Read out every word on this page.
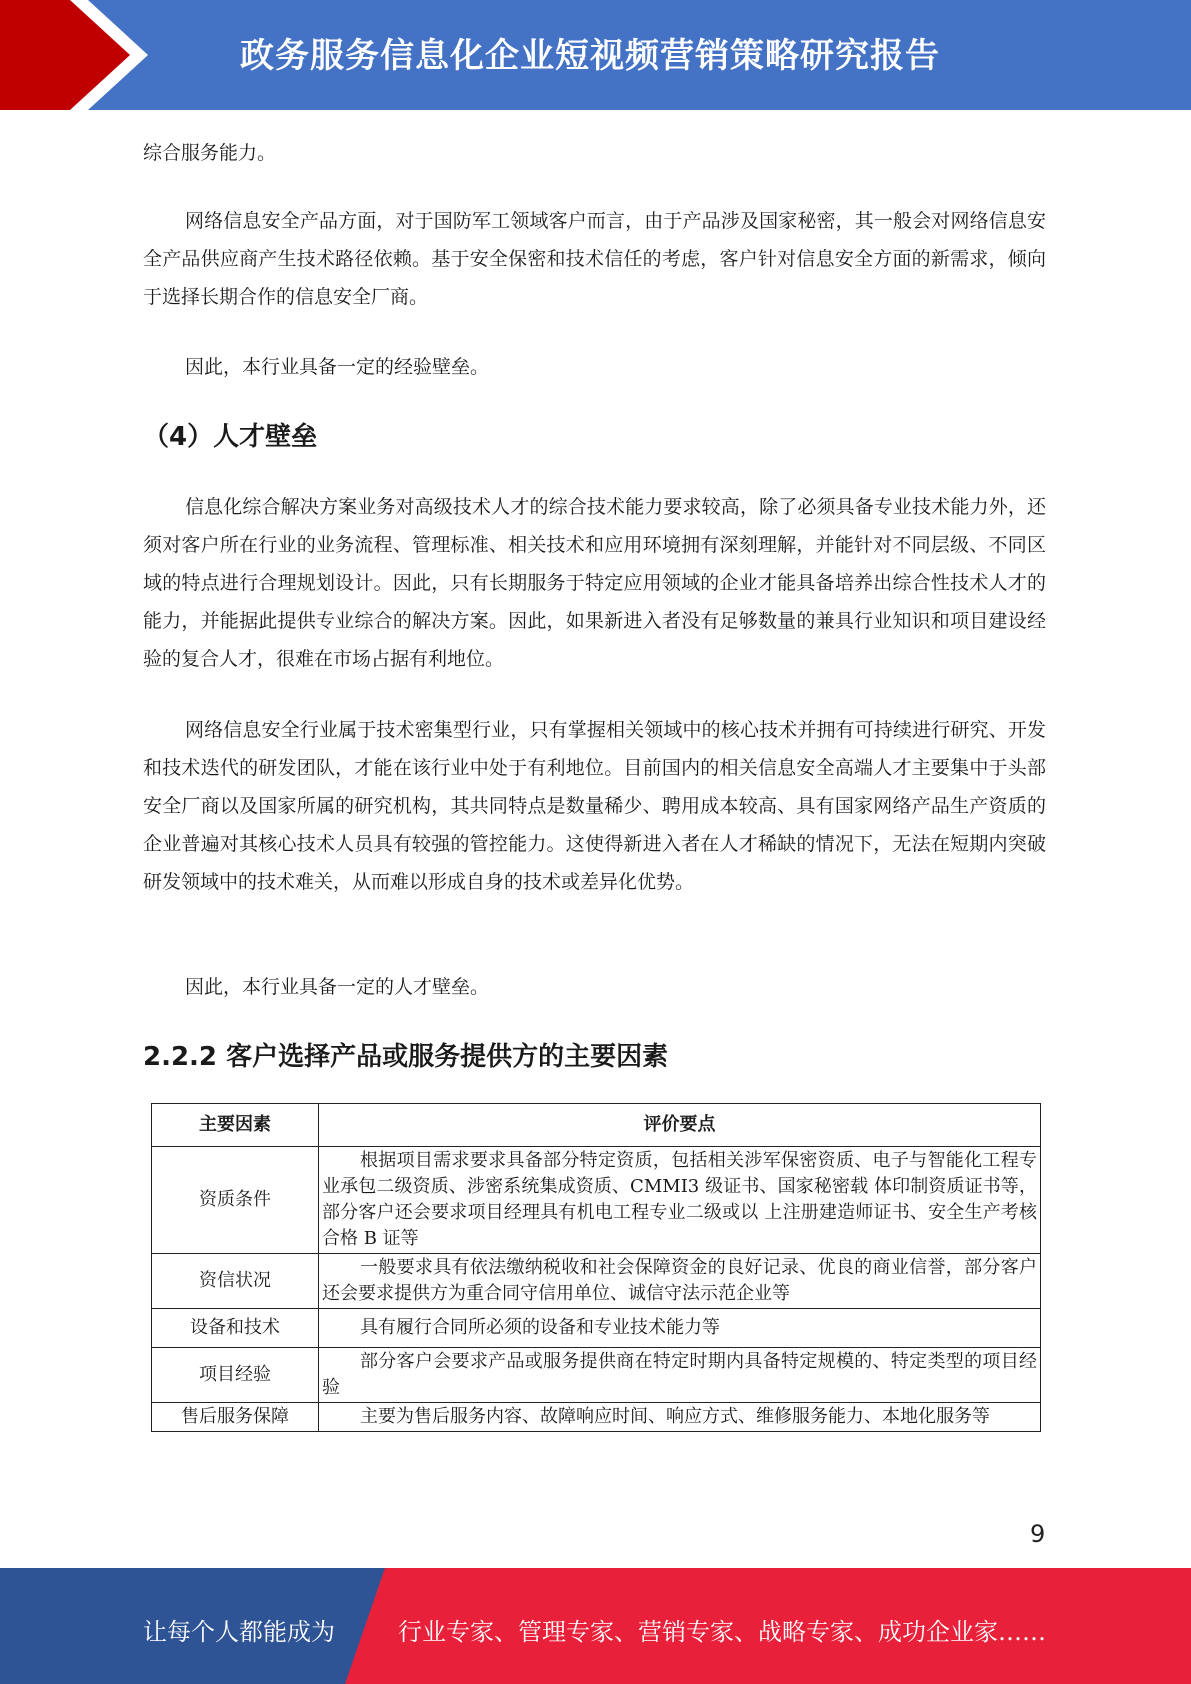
政务服务信息化企业短视频营销策略研究报告

综合服务能力。

网络信息安全产品方面，对于国防军工领域客户而言，由于产品涉及国家秘密，其一般会对网络信息安全产品供应商产生技术路径依赖。基于安全保密和技术信任的考虑，客户针对信息安全方面的新需求，倾向于选择长期合作的信息安全厂商。

因此，本行业具备一定的经验壁垒。

（4）人才壁垒

信息化综合解决方案业务对高级技术人才的综合技术能力要求较高，除了必须具备专业技术能力外，还须对客户所在行业的业务流程、管理标准、相关技术和应用环境拥有深刻理解，并能针对不同层级、不同区域的特点进行合理规划设计。因此，只有长期服务于特定应用领域的企业才能具备培养出综合性技术人才的能力，并能据此提供专业综合的解决方案。因此，如果新进入者没有足够数量的兼具行业知识和项目建设经验的复合人才，很难在市场占据有利地位。

网络信息安全行业属于技术密集型行业，只有掌握相关领域中的核心技术并拥有可持续进行研究、开发和技术迭代的研发团队，才能在该行业中处于有利地位。目前国内的相关信息安全高端人才主要集中于头部安全厂商以及国家所属的研究机构，其共同特点是数量稀少、聘用成本较高、具有国家网络产品生产资质的企业普遍对其核心技术人员具有较强的管控能力。这使得新进入者在人才稀缺的情况下，无法在短期内突破研发领域中的技术难关，从而难以形成自身的技术或差异化优势。

因此，本行业具备一定的人才壁垒。

2.2.2 客户选择产品或服务提供方的主要因素
主要因素	评价要点
资质条件	根据项目需求要求具备部分特定资质，包括相关涉军保密资质、电子与智能化工程专业承包二级资质、涉密系统集成资质、CMMI3 级证书、国家秘密载 体印制资质证书等，部分客户还会要求项目经理具有机电工程专业二级或以 上注册建造师证书、安全生产考核合格 B 证等
资信状况	一般要求具有依法缴纳税收和社会保障资金的良好记录、优良的商业信誉，部分客户还会要求提供方为重合同守信用单位、诚信守法示范企业等
设备和技术	具有履行合同所必须的设备和专业技术能力等
项目经验	部分客户会要求产品或服务提供商在特定时期内具备特定规模的、特定类型的项目经验
售后服务保障	主要为售后服务内容、故障响应时间、响应方式、维修服务能力、本地化服务等
9
让每个人都能成为	行业专家、管理专家、营销专家、战略专家、成功企业家……
